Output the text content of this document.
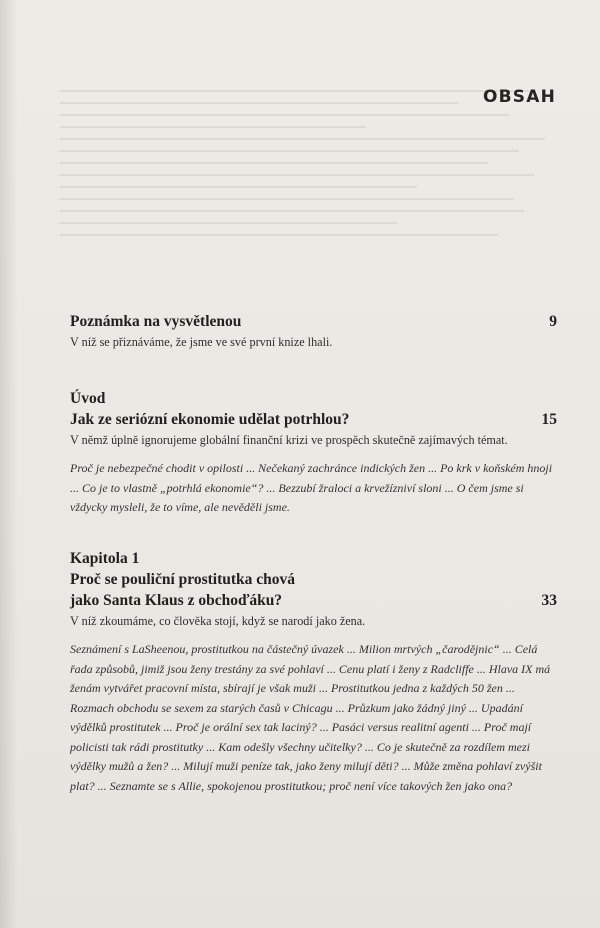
OBSAH
Poznámka na vysvětlenou	9
V níž se přiznáváme, že jsme ve své první knize lhali.
Úvod
Jak ze seriózní ekonomie udělat potrhlou?	15
V němž úplně ignorujeme globální finanční krizi ve prospěch skutečně zajímavých témat.
Proč je nebezpečné chodit v opilosti ... Nečekaný zachránce indických žen ... Po krk v koňském hnoji ... Co je to vlastně „potrhlá ekonomie“? ... Bezzubí žraloci a krvežízniví sloni ... O čem jsme si vždycky mysleli, že to víme, ale nevěděli jsme.
Kapitola 1
Proč se pouliční prostitutka chová
jako Santa Klaus z obchoďáku?	33
V níž zkoumáme, co člověka stojí, když se narodí jako žena.
Seznámení s LaSheenou, prostitutkou na částečný úvazek ... Milion mrtvých „čarodějnic“ ... Celá řada způsobů, jimiž jsou ženy trestány za své pohlaví ... Cenu platí i ženy z Radcliffe ... Hlava IX má ženám vytvářet pracovní místa, sbírají je však muži ... Prostitutkou jedna z každých 50 žen ... Rozmach obchodu se sexem za starých časů v Chicagu ... Průzkum jako žádný jiný ... Upadání výdělků prostitutek ... Proč je orální sex tak laciný? ... Pasáci versus realitní agenti ... Proč mají policisti tak rádi prostitutky ... Kam odešly všechny učitelky? ... Co je skutečně za rozdílem mezi výdělky mužů a žen? ... Milují muži peníze tak, jako ženy milují děti? ... Může změna pohlaví zvýšit plat? ... Seznamte se s Allie, spokojenou prostitutkou; proč není více takových žen jako ona?
